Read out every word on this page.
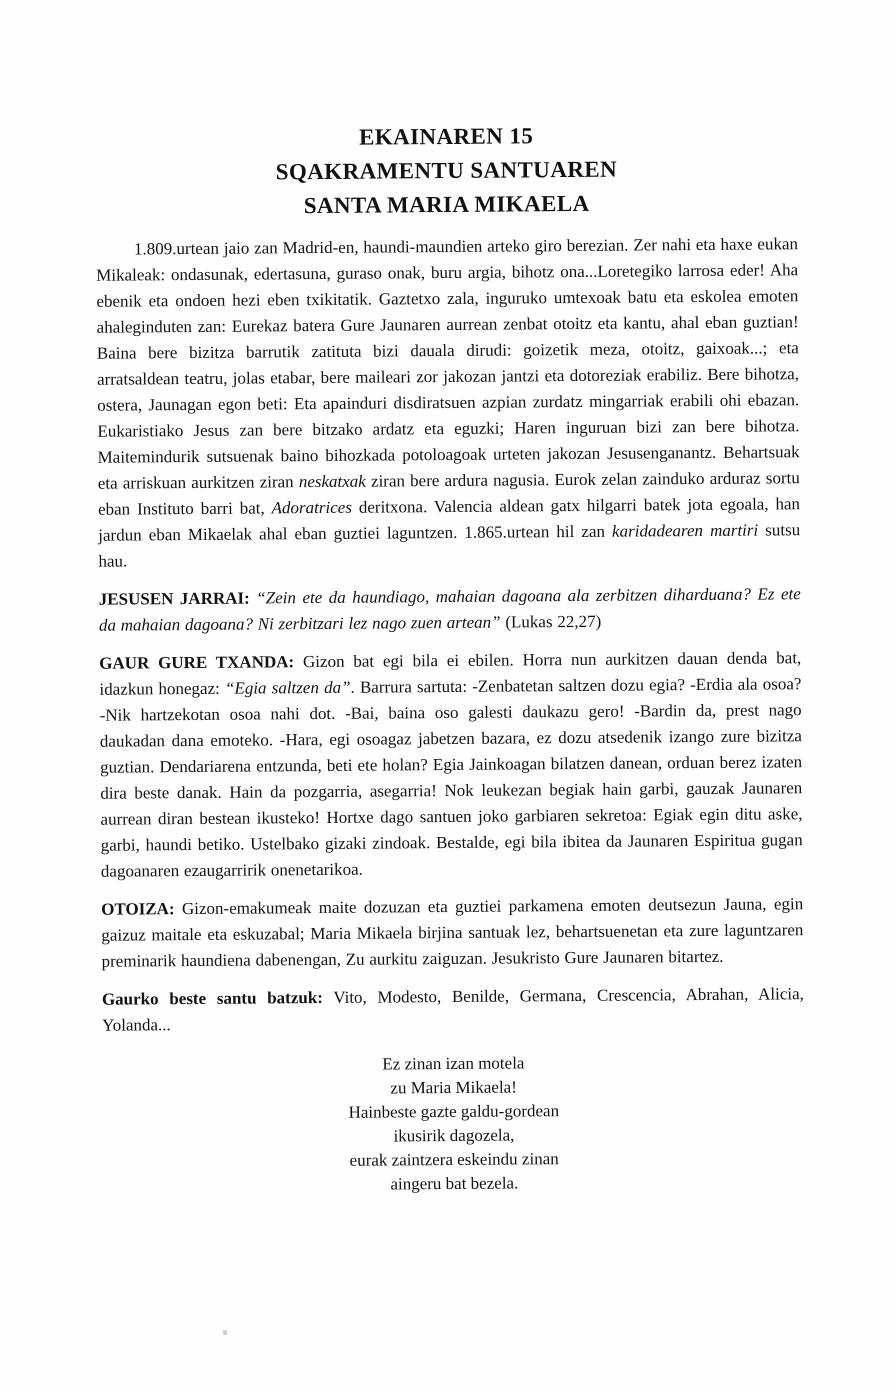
EKAINAREN 15
SQAKRAMENTU SANTUAREN
SANTA MARIA MIKAELA

1.809.urtean jaio zan Madrid-en, haundi-maundien arteko giro berezian. Zer nahi eta haxe eukan Mikaleak: ondasunak, edertasuna, guraso onak, buru argia, bihotz ona...Loretegiko larrosa eder! Aha ebenik eta ondoen hezi eben txikitatik. Gaztetxo zala, inguruko umtexoak batu eta eskolea emoten ahaleginduten zan: Eurekaz batera Gure Jaunaren aurrean zenbat otoitz eta kantu, ahal eban guztian! Baina bere bizitza barrutik zatituta bizi dauala dirudi: goizetik meza, otoitz, gaixoak...; eta arratsaldean teatru, jolas etabar, bere maileari zor jakozan jantzi eta dotoreziak erabiliz. Bere bihotza, ostera, Jaunagan egon beti: Eta apainduri disdiratsuen azpian zurdatz mingarriak erabili ohi ebazan. Eukaristiako Jesus zan bere bitzako ardatz eta eguzki; Haren inguruan bizi zan bere bihotza. Maitemindurik sutsuenak baino bihozkada potoloagoak urteten jakozan Jesusenganantz. Behartsuak eta arriskuan aurkitzen ziran neskatxak ziran bere ardura nagusia. Eurok zelan zainduko arduraz sortu eban Instituto barri bat, Adoratrices deritxona. Valencia aldean gatx hilgarri batek jota egoala, han jardun eban Mikaelak ahal eban guztiei laguntzen. 1.865.urtean hil zan karidadearen martiri sutsu hau.

JESUSEN JARRAI: “Zein ete da haundiago, mahaian dagoana ala zerbitzen diharduana? Ez ete da mahaian dagoana? Ni zerbitzari lez nago zuen artean” (Lukas 22,27)

GAUR GURE TXANDA: Gizon bat egi bila ei ebilen. Horra nun aurkitzen dauan denda bat, idazkun honegaz: “Egia saltzen da”. Barrura sartuta: -Zenbatetan saltzen dozu egia? -Erdia ala osoa? -Nik hartzekotan osoa nahi dot. -Bai, baina oso galesti daukazu gero! -Bardin da, prest nago daukadan dana emoteko. -Hara, egi osoagaz jabetzen bazara, ez dozu atsedenik izango zure bizitza guztian. Dendariarena entzunda, beti ete holan? Egia Jainkoagan bilatzen danean, orduan berez izaten dira beste danak. Hain da pozgarria, asegarria! Nok leukezan begiak hain garbi, gauzak Jaunaren aurrean diran bestean ikusteko! Hortxe dago santuen joko garbiaren sekretoa: Egiak egin ditu aske, garbi, haundi betiko. Ustelbako gizaki zindoak. Bestalde, egi bila ibitea da Jaunaren Espiritua gugan dagoanaren ezaugarririk onenetarikoa.

OTOIZA: Gizon-emakumeak maite dozuzan eta guztiei parkamena emoten deutsezun Jauna, egin gaizuz maitale eta eskuzabal; Maria Mikaela birjina santuak lez, behartsuenetan eta zure laguntzaren preminarik haundiena dabenengan, Zu aurkitu zaiguzan. Jesukristo Gure Jaunaren bitartez.

Gaurko beste santu batzuk: Vito, Modesto, Benilde, Germana, Crescencia, Abrahan, Alicia, Yolanda...

Ez zinan izan motela
zu Maria Mikaela!
Hainbeste gazte galdu-gordean
ikusirik dagozela,
eurak zaintzera eskeindu zinan
aingeru bat bezela.
